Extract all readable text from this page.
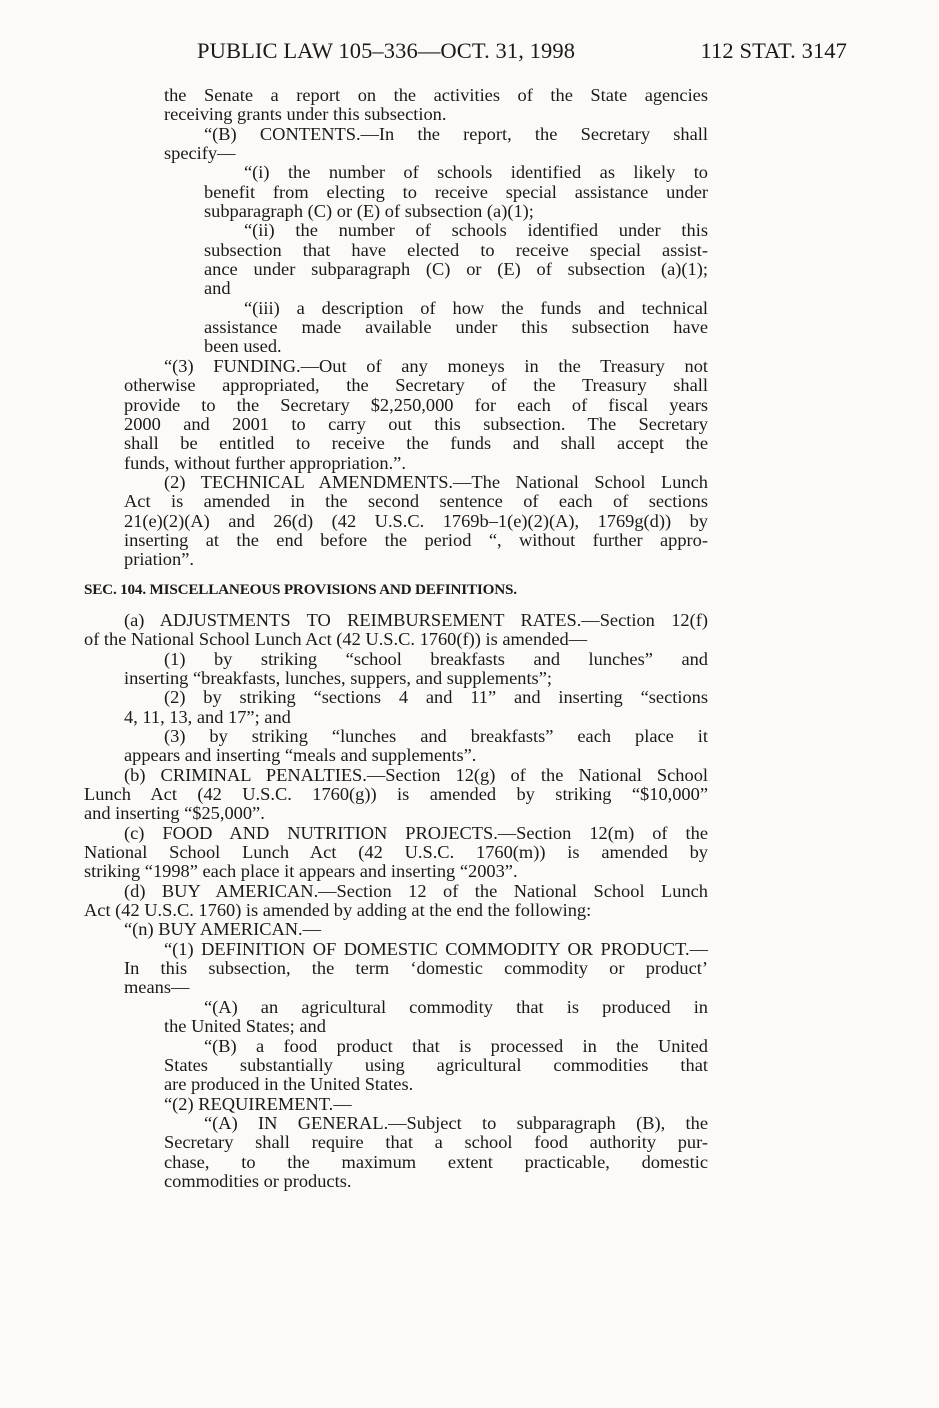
PUBLIC LAW 105–336—OCT. 31, 1998	112 STAT. 3147

the Senate a report on the activities of the State agencies

receiving grants under this subsection.

“(B) CONTENTS.—In the report, the Secretary shall

specify—

“(i) the number of schools identified as likely to

benefit from electing to receive special assistance under

subparagraph (C) or (E) of subsection (a)(1);

“(ii) the number of schools identified under this

subsection that have elected to receive special assist-

ance under subparagraph (C) or (E) of subsection (a)(1);

and

“(iii) a description of how the funds and technical

assistance made available under this subsection have

been used.

“(3) FUNDING.—Out of any moneys in the Treasury not

otherwise appropriated, the Secretary of the Treasury shall

provide to the Secretary $2,250,000 for each of fiscal years

2000 and 2001 to carry out this subsection. The Secretary

shall be entitled to receive the funds and shall accept the

funds, without further appropriation.”.

(2) TECHNICAL AMENDMENTS.—The National School Lunch

Act is amended in the second sentence of each of sections

21(e)(2)(A) and 26(d) (42 U.S.C. 1769b–1(e)(2)(A), 1769g(d)) by

inserting at the end before the period “, without further appro-

priation”.

SEC. 104. MISCELLANEOUS PROVISIONS AND DEFINITIONS.

(a) ADJUSTMENTS TO REIMBURSEMENT RATES.—Section 12(f)

of the National School Lunch Act (42 U.S.C. 1760(f)) is amended—

(1) by striking “school breakfasts and lunches” and

inserting “breakfasts, lunches, suppers, and supplements”;

(2) by striking “sections 4 and 11” and inserting “sections

4, 11, 13, and 17”; and

(3) by striking “lunches and breakfasts” each place it

appears and inserting “meals and supplements”.

(b) CRIMINAL PENALTIES.—Section 12(g) of the National School

Lunch Act (42 U.S.C. 1760(g)) is amended by striking “$10,000”

and inserting “$25,000”.

(c) FOOD AND NUTRITION PROJECTS.—Section 12(m) of the

National School Lunch Act (42 U.S.C. 1760(m)) is amended by

striking “1998” each place it appears and inserting “2003”.

(d) BUY AMERICAN.—Section 12 of the National School Lunch

Act (42 U.S.C. 1760) is amended by adding at the end the following:

“(n) BUY AMERICAN.—

“(1) DEFINITION OF DOMESTIC COMMODITY OR PRODUCT.—

In this subsection, the term ‘domestic commodity or product’

means—

“(A) an agricultural commodity that is produced in

the United States; and

“(B) a food product that is processed in the United

States substantially using agricultural commodities that

are produced in the United States.

“(2) REQUIREMENT.—

“(A) IN GENERAL.—Subject to subparagraph (B), the

Secretary shall require that a school food authority pur-

chase, to the maximum extent practicable, domestic

commodities or products.
